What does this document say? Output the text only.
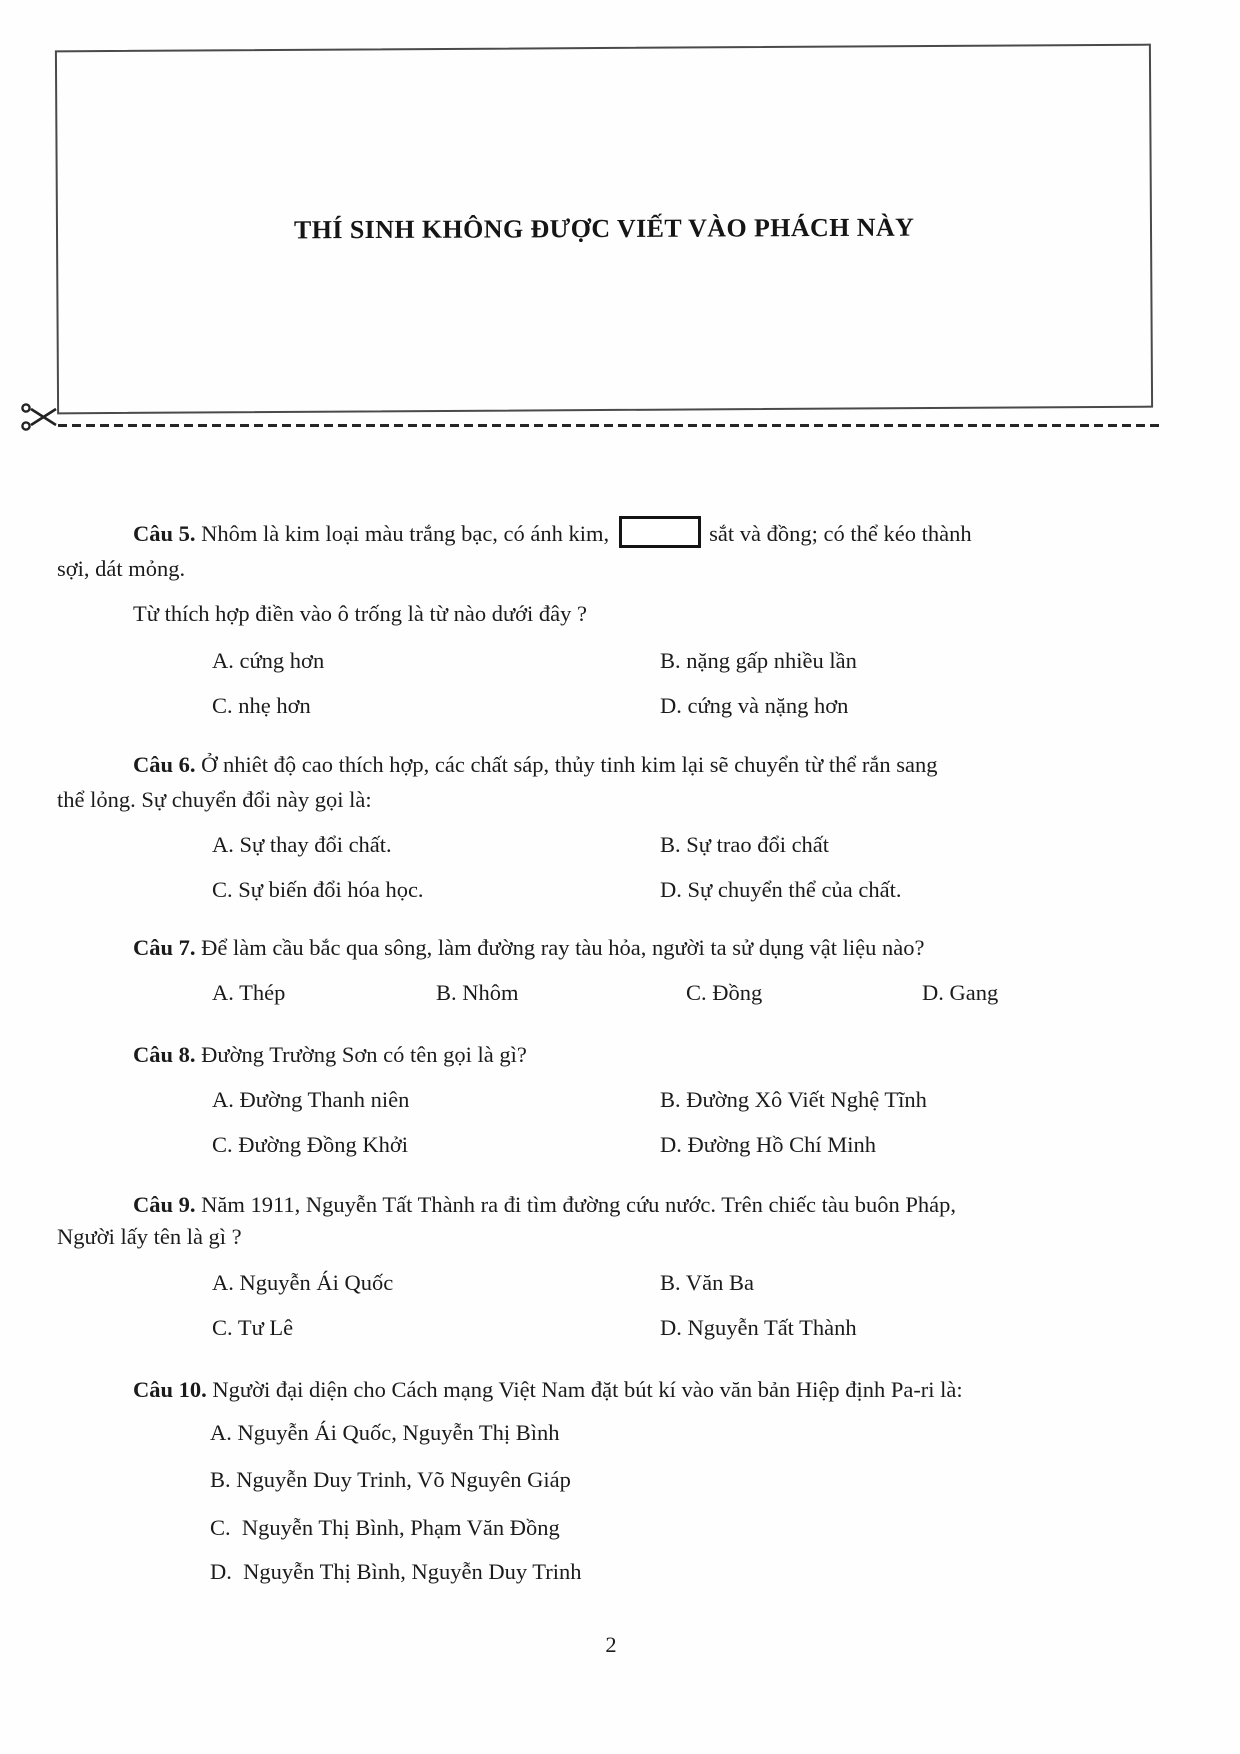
THÍ SINH KHÔNG ĐƯỢC VIẾT VÀO PHÁCH NÀY
Câu 5. Nhôm là kim loại màu trắng bạc, có ánh kim,	sắt và đồng; có thể kéo thành
sợi, dát mỏng.
Từ thích hợp điền vào ô trống là từ nào dưới đây ?
A. cứng hơn	B. nặng gấp nhiều lần
C. nhẹ hơn	D. cứng và nặng hơn
Câu 6. Ở nhiêt độ cao thích hợp, các chất sáp, thủy tinh kim lại sẽ chuyển từ thể rắn sang
thể lỏng. Sự chuyển đổi này gọi là:
A. Sự thay đổi chất.	B. Sự trao đổi chất
C. Sự biến đổi hóa học.	D. Sự chuyển thể của chất.
Câu 7. Để làm cầu bắc qua sông, làm đường ray tàu hỏa, người ta sử dụng vật liệu nào?
A. Thép	B. Nhôm	C. Đồng	D. Gang
Câu 8. Đường Trường Sơn có tên gọi là gì?
A. Đường Thanh niên	B. Đường Xô Viết Nghệ Tĩnh
C. Đường Đồng Khởi	D. Đường Hồ Chí Minh
Câu 9. Năm 1911, Nguyễn Tất Thành ra đi tìm đường cứu nước. Trên chiếc tàu buôn Pháp,
Người lấy tên là gì ?
A. Nguyễn Ái Quốc	B. Văn Ba
C. Tư Lê	D. Nguyễn Tất Thành
Câu 10. Người đại diện cho Cách mạng Việt Nam đặt bút kí vào văn bản Hiệp định Pa-ri là:
A. Nguyễn Ái Quốc, Nguyễn Thị Bình
B. Nguyễn Duy Trinh, Võ Nguyên Giáp
C.  Nguyễn Thị Bình, Phạm Văn Đồng
D.  Nguyễn Thị Bình, Nguyễn Duy Trinh
2
